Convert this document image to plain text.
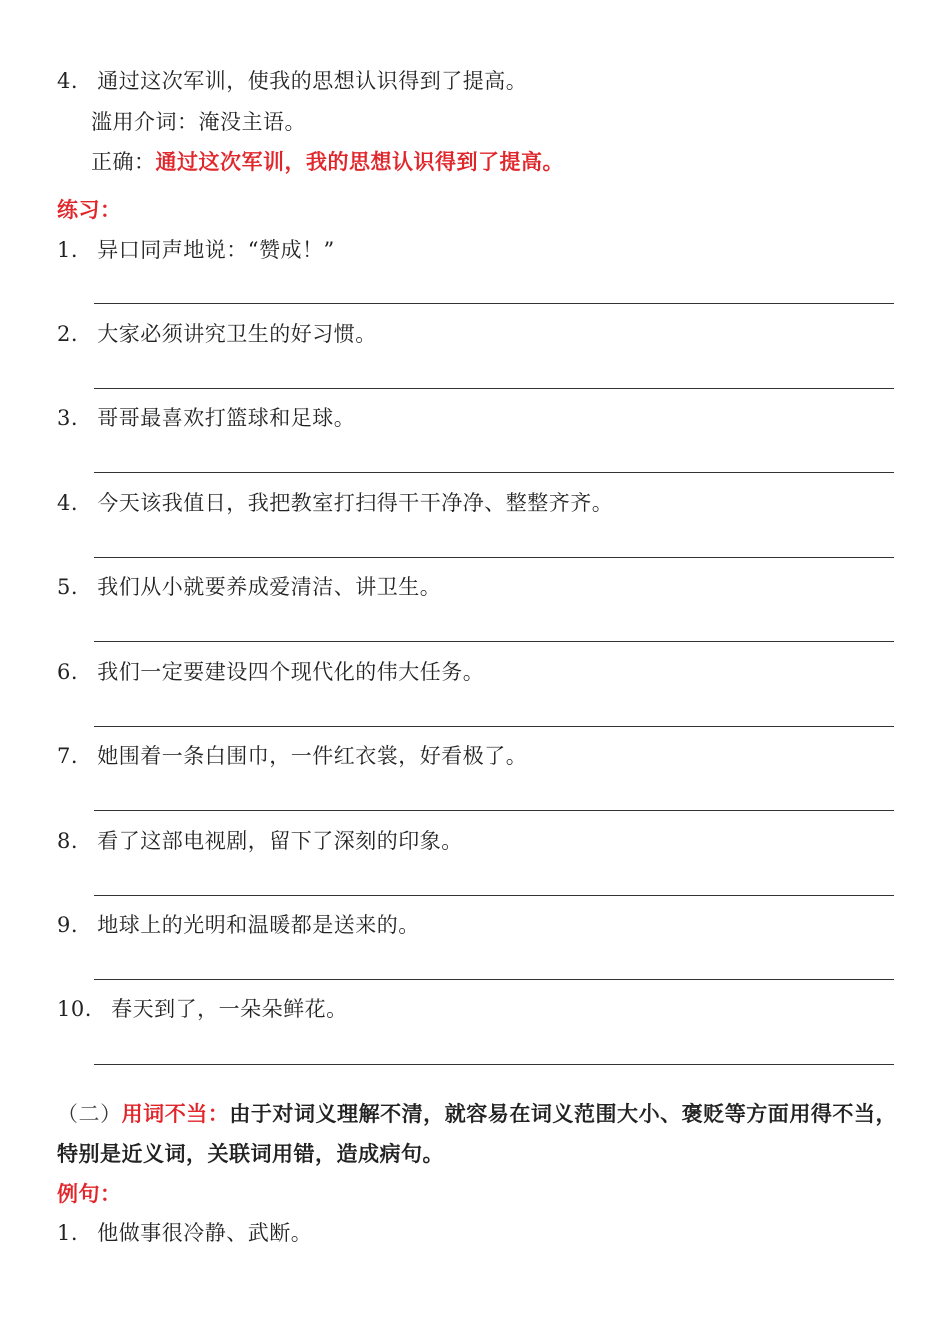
4. 通过这次军训，使我的思想认识得到了提高。
滥用介词：淹没主语。
正确：通过这次军训，我的思想认识得到了提高。
练习：
1. 异口同声地说：“赞成！”
2. 大家必须讲究卫生的好习惯。
3. 哥哥最喜欢打篮球和足球。
4. 今天该我值日，我把教室打扫得干干净净、整整齐齐。
5. 我们从小就要养成爱清洁、讲卫生。
6. 我们一定要建设四个现代化的伟大任务。
7. 她围着一条白围巾，一件红衣裳，好看极了。
8. 看了这部电视剧，留下了深刻的印象。
9. 地球上的光明和温暖都是送来的。
10. 春天到了，一朵朵鲜花。
（二）用词不当：由于对词义理解不清，就容易在词义范围大小、褒贬等方面用得不当，特别是近义词，关联词用错，造成病句。
例句：
1. 他做事很冷静、武断。
